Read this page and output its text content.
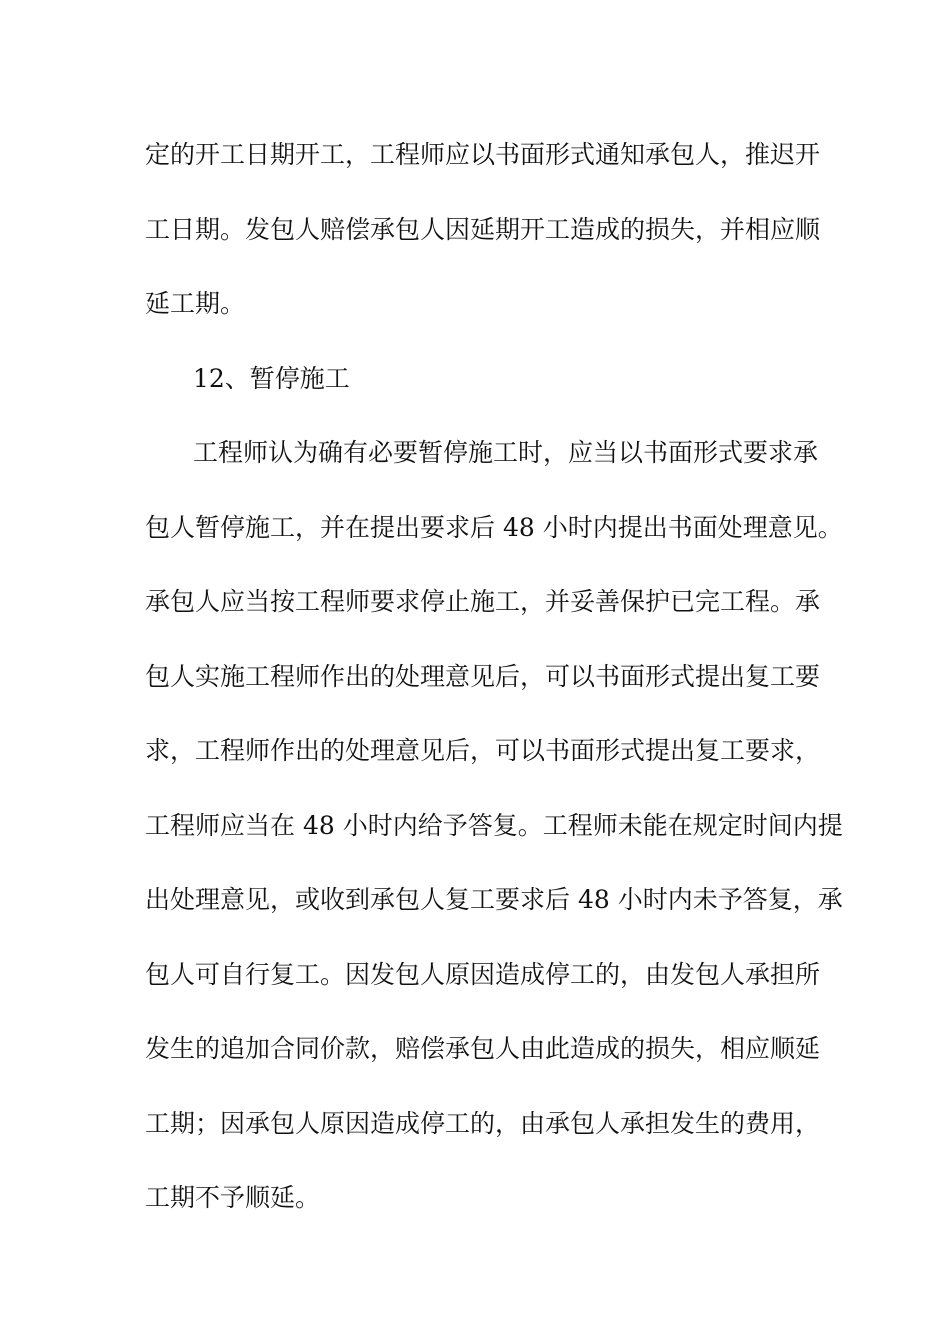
定的开工日期开工，工程师应以书面形式通知承包人，推迟开
工日期。发包人赔偿承包人因延期开工造成的损失，并相应顺
延工期。
12、暂停施工
工程师认为确有必要暂停施工时，应当以书面形式要求承
包人暂停施工，并在提出要求后 48 小时内提出书面处理意见。
承包人应当按工程师要求停止施工，并妥善保护已完工程。承
包人实施工程师作出的处理意见后，可以书面形式提出复工要
求，工程师作出的处理意见后，可以书面形式提出复工要求，
工程师应当在 48 小时内给予答复。工程师未能在规定时间内提
出处理意见，或收到承包人复工要求后 48 小时内未予答复，承
包人可自行复工。因发包人原因造成停工的，由发包人承担所
发生的追加合同价款，赔偿承包人由此造成的损失，相应顺延
工期；因承包人原因造成停工的，由承包人承担发生的费用，
工期不予顺延。
